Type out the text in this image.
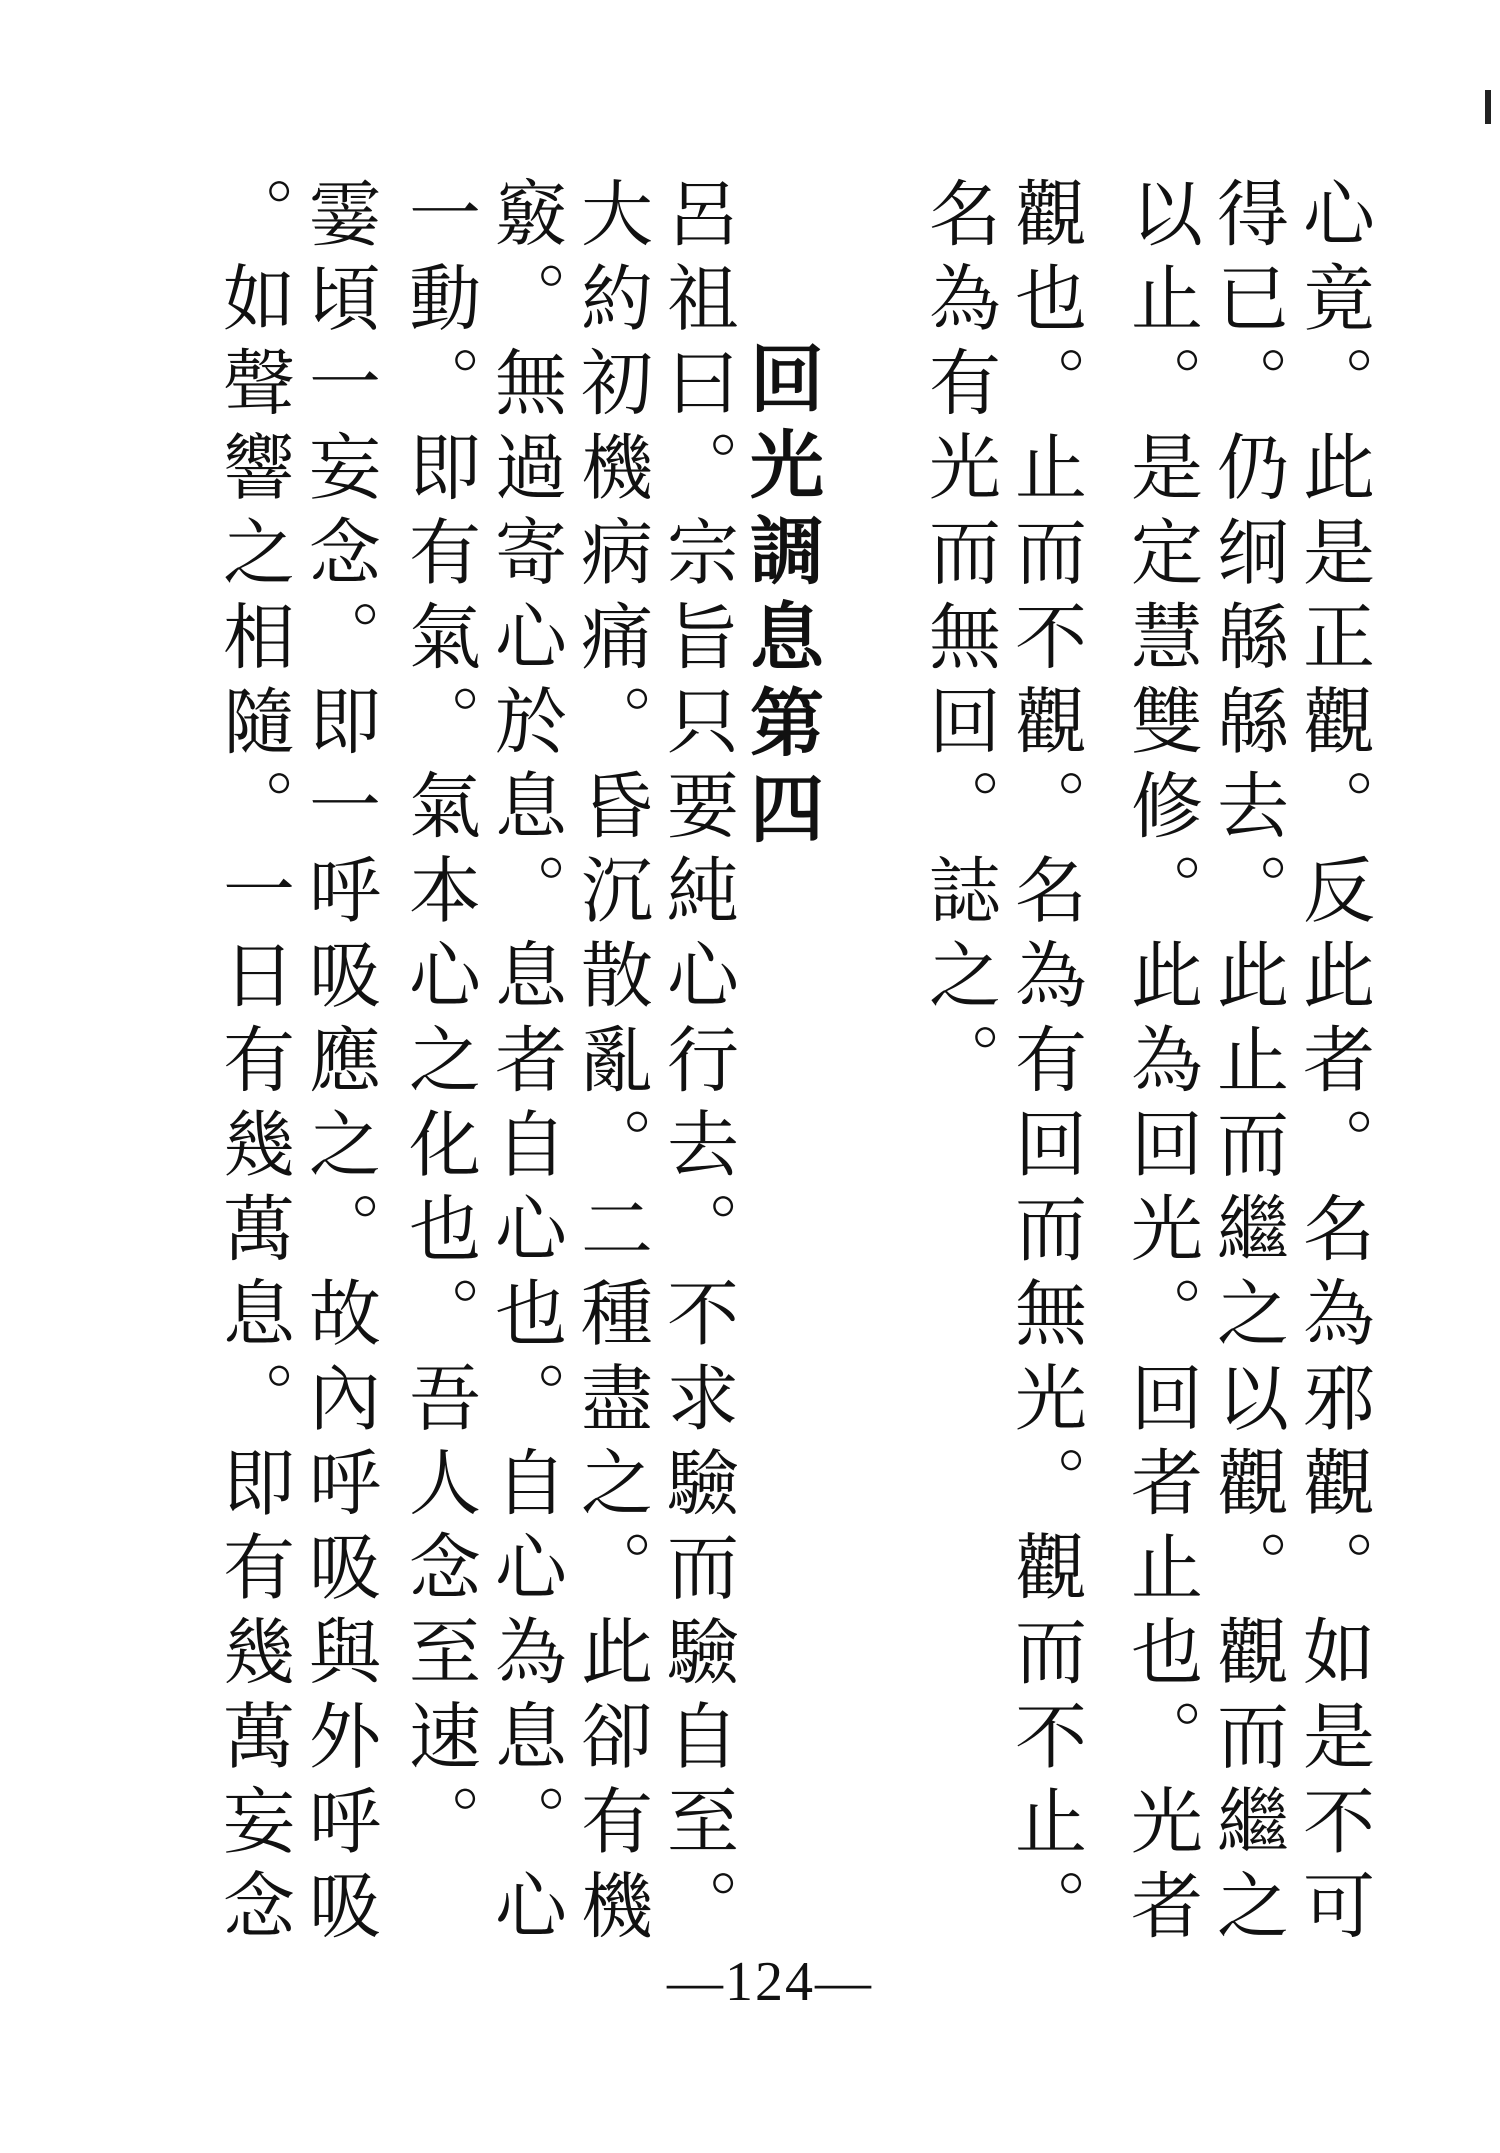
心竟。此是正觀。反此者。名為邪觀。如是不可
得已。仍䌹緜緜去。此止而繼之以觀。觀而繼之
以止。是定慧雙修。此為回光。回者止也。光者
觀也。止而不觀。名為有回而無光。觀而不止。
名為有光而無回。誌之。
回光調息第四
呂祖曰。宗旨只要純心行去。不求驗而驗自至。
大約初機病痛。昏沉散亂。二種盡之。此卻有機
竅。無過寄心於息。息者自心也。自心為息。心
一動。即有氣。氣本心之化也。吾人念至速。
霎頃一妄念。即一呼吸應之。故內呼吸與外呼吸
。如聲響之相隨。一日有幾萬息。即有幾萬妄念
—124—
